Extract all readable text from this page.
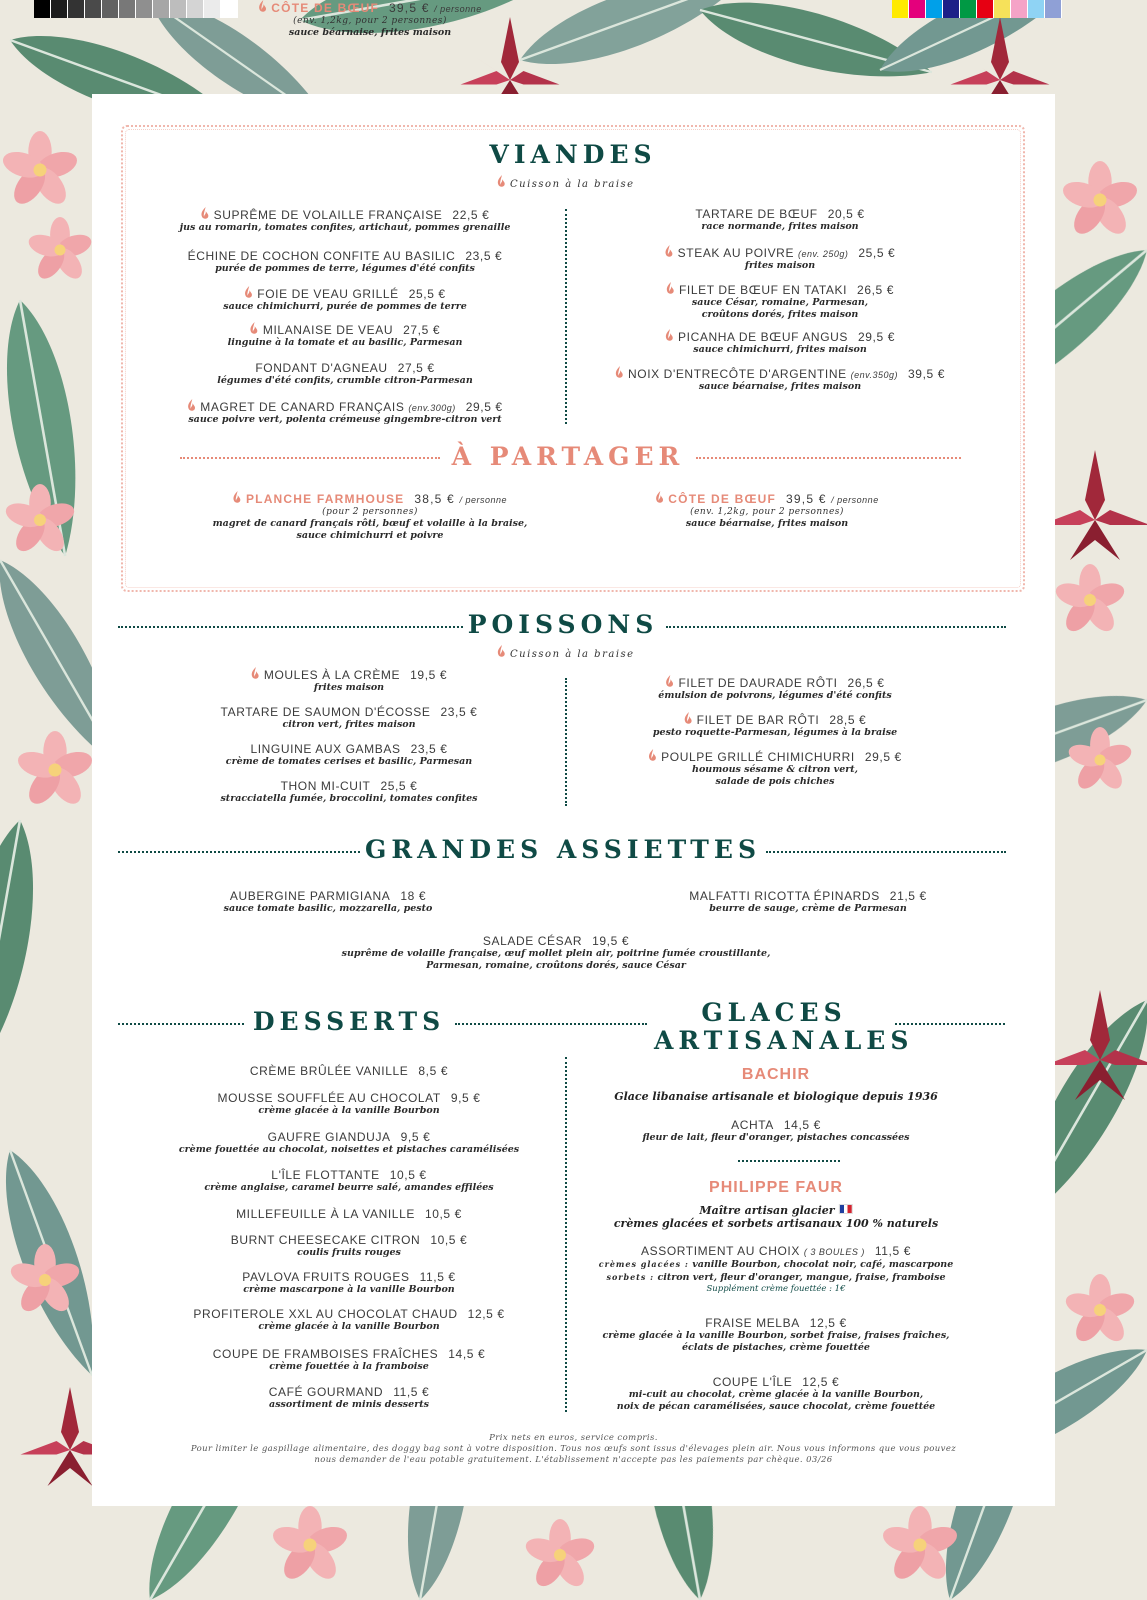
VIANDES
Cuisson à la braise
SUPRÊME DE VOLAILLE FRANÇAISE 22,5 €
jus au romarin, tomates confites, artichaut, pommes grenaille
ÉCHINE DE COCHON CONFITE AU BASILIC 23,5 €
purée de pommes de terre, légumes d'été confits
FOIE DE VEAU GRILLÉ 25,5 €
sauce chimichurri, purée de pommes de terre
MILANAISE DE VEAU 27,5 €
linguine à la tomate et au basilic, Parmesan
FONDANT D'AGNEAU 27,5 €
légumes d'été confits, crumble citron-Parmesan
MAGRET DE CANARD FRANÇAIS (env.300g) 29,5 €
sauce poivre vert, polenta crémeuse gingembre-citron vert
TARTARE DE BŒUF 20,5 €
race normande, frites maison
STEAK AU POIVRE (env. 250g) 25,5 €
frites maison
FILET DE BŒUF EN TATAKI 26,5 €
sauce César, romaine, Parmesan,
croûtons dorés, frites maison
PICANHA DE BŒUF ANGUS 29,5 €
sauce chimichurri, frites maison
NOIX D'ENTRECÔTE D'ARGENTINE (env.350g) 39,5 €
sauce béarnaise, frites maison
À PARTAGER
PLANCHE FARMHOUSE 38,5 € / personne
(pour 2 personnes)
magret de canard français rôti, bœuf et volaille à la braise,
sauce chimichurri et poivre
CÔTE DE BŒUF 39,5 € / personne
(env. 1,2kg, pour 2 personnes)
sauce béarnaise, frites maison
CÔTE DE BŒUF 39,5 € / personne
(env. 1,2kg, pour 2 personnes)
sauce béarnaise, frites maison
POISSONS
Cuisson à la braise
MOULES À LA CRÈME 19,5 €
frites maison
TARTARE DE SAUMON D'ÉCOSSE 23,5 €
citron vert, frites maison
LINGUINE AUX GAMBAS 23,5 €
crème de tomates cerises et basilic, Parmesan
THON MI-CUIT 25,5 €
stracciatella fumée, broccolini, tomates confites
FILET DE DAURADE RÔTI 26,5 €
émulsion de poivrons, légumes d'été confits
FILET DE BAR RÔTI 28,5 €
pesto roquette-Parmesan, légumes à la braise
POULPE GRILLÉ CHIMICHURRI 29,5 €
houmous sésame & citron vert,
salade de pois chiches
GRANDES ASSIETTES
AUBERGINE PARMIGIANA 18 €
sauce tomate basilic, mozzarella, pesto
MALFATTI RICOTTA ÉPINARDS 21,5 €
beurre de sauge, crème de Parmesan
SALADE CÉSAR 19,5 €
suprême de volaille française, œuf mollet plein air, poitrine fumée croustillante,
Parmesan, romaine, croûtons dorés, sauce César
DESSERTS
CRÈME BRÛLÉE VANILLE 8,5 €
MOUSSE SOUFFLÉE AU CHOCOLAT 9,5 €
crème glacée à la vanille Bourbon
GAUFRE GIANDUJA 9,5 €
crème fouettée au chocolat, noisettes et pistaches caramélisées
L'ÎLE FLOTTANTE 10,5 €
crème anglaise, caramel beurre salé, amandes effilées
MILLEFEUILLE À LA VANILLE 10,5 €
BURNT CHEESECAKE CITRON 10,5 €
coulis fruits rouges
PAVLOVA FRUITS ROUGES 11,5 €
crème mascarpone à la vanille Bourbon
PROFITEROLE XXL AU CHOCOLAT CHAUD 12,5 €
crème glacée à la vanille Bourbon
COUPE DE FRAMBOISES FRAÎCHES 14,5 €
crème fouettée à la framboise
CAFÉ GOURMAND 11,5 €
assortiment de minis desserts
GLACES
ARTISANALES
BACHIR
Glace libanaise artisanale et biologique depuis 1936
ACHTA 14,5 €
fleur de lait, fleur d'oranger, pistaches concassées
PHILIPPE FAUR
Maître artisan glacier
crèmes glacées et sorbets artisanaux 100 % naturels
ASSORTIMENT AU CHOIX ( 3 BOULES ) 11,5 €
crèmes glacées : vanille Bourbon, chocolat noir, café, mascarpone
sorbets : citron vert, fleur d'oranger, mangue, fraise, framboise
Supplément crème fouettée : 1€
FRAISE MELBA 12,5 €
crème glacée à la vanille Bourbon, sorbet fraise, fraises fraîches,
éclats de pistaches, crème fouettée
COUPE L'ÎLE 12,5 €
mi-cuit au chocolat, crème glacée à la vanille Bourbon,
noix de pécan caramélisées, sauce chocolat, crème fouettée
Prix nets en euros, service compris.
Pour limiter le gaspillage alimentaire, des doggy bag sont à votre disposition. Tous nos œufs sont issus d'élevages plein air. Nous vous informons que vous pouvez
nous demander de l'eau potable gratuitement. L'établissement n'accepte pas les paiements par chèque. 03/26
